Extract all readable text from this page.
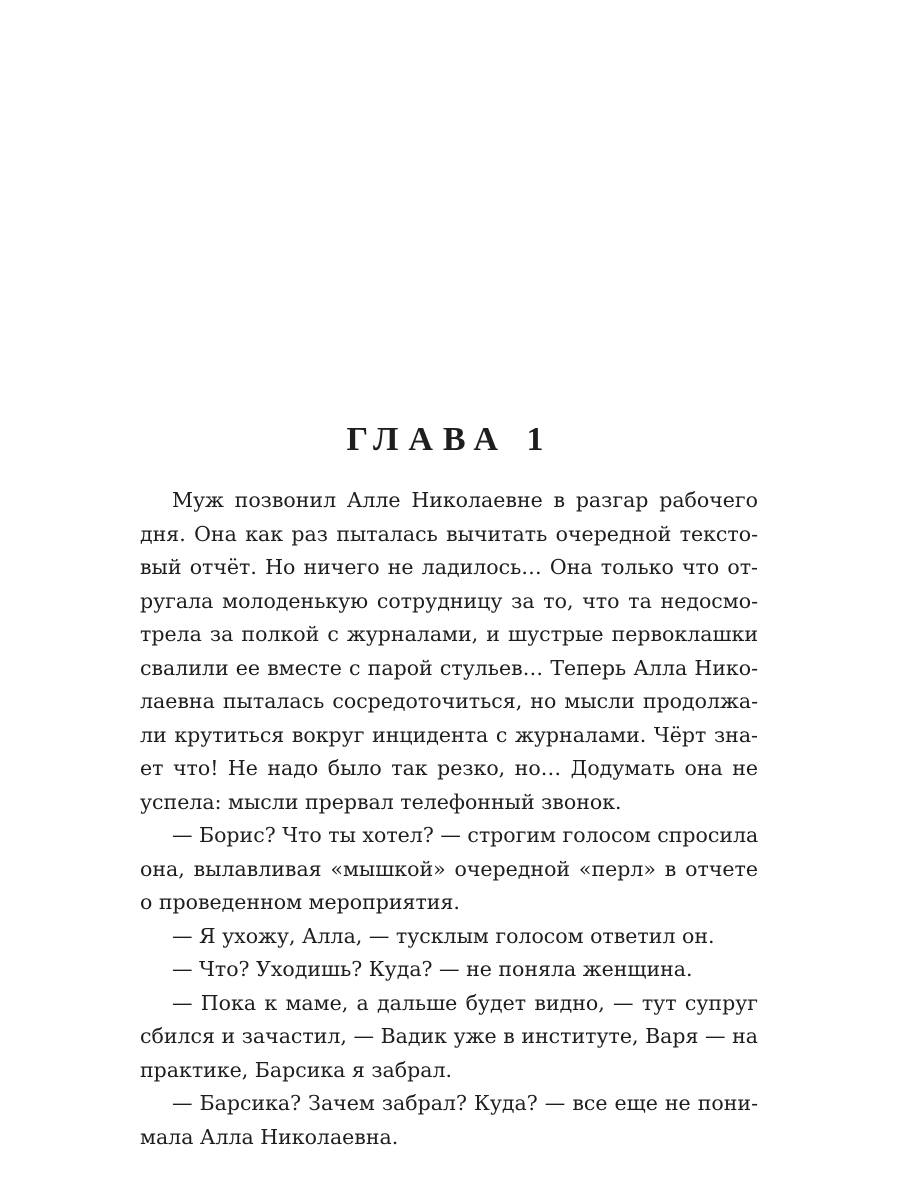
ГЛАВА 1
Муж позвонил Алле Николаевне в разгар рабочего
дня. Она как раз пыталась вычитать очередной тексто-
вый отчёт. Но ничего не ладилось… Она только что от-
ругала молоденькую сотрудницу за то, что та недосмо-
трела за полкой с журналами, и шустрые первоклашки
свалили ее вместе с парой стульев… Теперь Алла Нико-
лаевна пыталась сосредоточиться, но мысли продолжа-
ли крутиться вокруг инцидента с журналами. Чёрт зна-
ет что! Не надо было так резко, но… Додумать она не
успела: мысли прервал телефонный звонок.
— Борис? Что ты хотел? — строгим голосом спросила
она, вылавливая «мышкой» очередной «перл» в отчете
о проведенном мероприятия.
— Я ухожу, Алла, — тусклым голосом ответил он.
— Что? Уходишь? Куда? — не поняла женщина.
— Пока к маме, а дальше будет видно, — тут супруг
сбился и зачастил, — Вадик уже в институте, Варя — на
практике, Барсика я забрал.
— Барсика? Зачем забрал? Куда? — все еще не пони-
мала Алла Николаевна.
